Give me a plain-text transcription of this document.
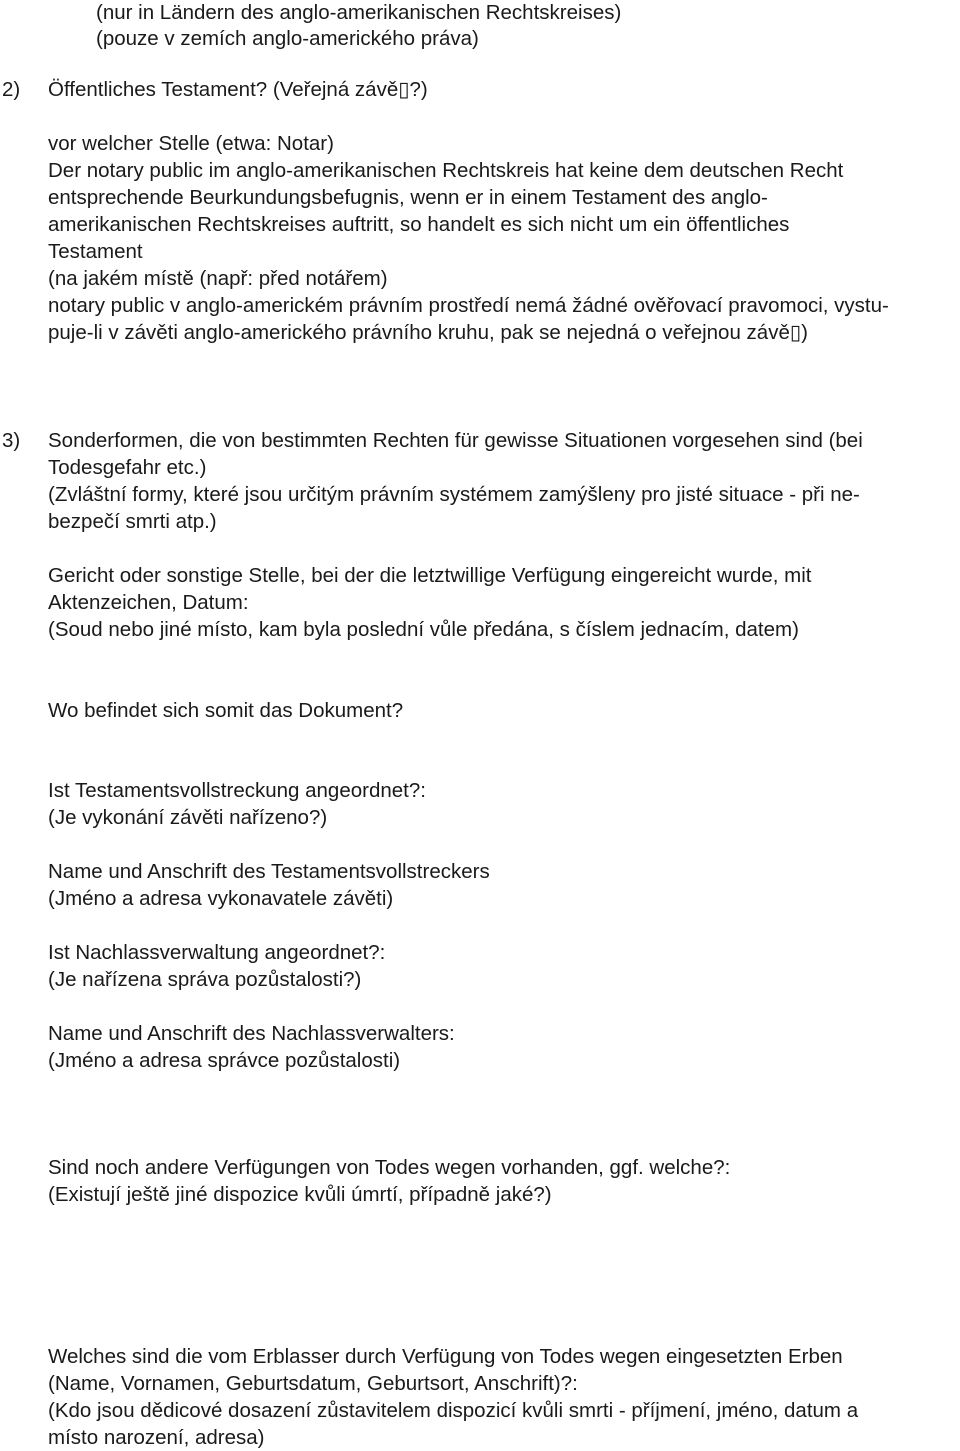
(nur in Ländern des anglo-amerikanischen Rechtskreises)
(pouze v zemích anglo-amerického práva)
2) Öffentliches Testament? (Veřejná závě▯?)
vor welcher Stelle (etwa: Notar)
Der notary public im anglo-amerikanischen Rechtskreis hat keine dem deutschen Recht
entsprechende Beurkundungsbefugnis, wenn er in einem Testament des anglo-
amerikanischen Rechtskreises auftritt, so handelt es sich nicht um ein öffentliches
Testament
(na jakém místě (např: před notářem)
notary public v anglo-americkém právním prostředí nemá žádné ověřovací pravomoci, vystu-
puje-li v závěti anglo-amerického právního kruhu, pak se nejedná o veřejnou závě▯)
3) Sonderformen, die von bestimmten Rechten für gewisse Situationen vorgesehen sind (bei
Todesgefahr etc.)
(Zvláštní formy, které jsou určitým právním systémem zamýšleny pro jisté situace - při ne-
bezpečí smrti atp.)
Gericht oder sonstige Stelle, bei der die letztwillige Verfügung eingereicht wurde, mit
Aktenzeichen, Datum:
(Soud nebo jiné místo, kam byla poslední vůle předána, s číslem jednacím, datem)
Wo befindet sich somit das Dokument?
Ist Testamentsvollstreckung angeordnet?:
(Je vykonání závěti nařízeno?)
Name und Anschrift des Testamentsvollstreckers
(Jméno a adresa vykonavatele závěti)
Ist Nachlassverwaltung angeordnet?:
(Je nařízena správa pozůstalosti?)
Name und Anschrift des Nachlassverwalters:
(Jméno a adresa správce pozůstalosti)
Sind noch andere Verfügungen von Todes wegen vorhanden, ggf. welche?:
(Existují ještě jiné dispozice kvůli úmrtí, případně jaké?)
Welches sind die vom Erblasser durch Verfügung von Todes wegen eingesetzten Erben
(Name, Vornamen, Geburtsdatum, Geburtsort, Anschrift)?:
(Kdo jsou dědicové dosazení zůstavitelem dispozicí kvůli smrti - příjmení, jméno, datum a
místo narození, adresa)
